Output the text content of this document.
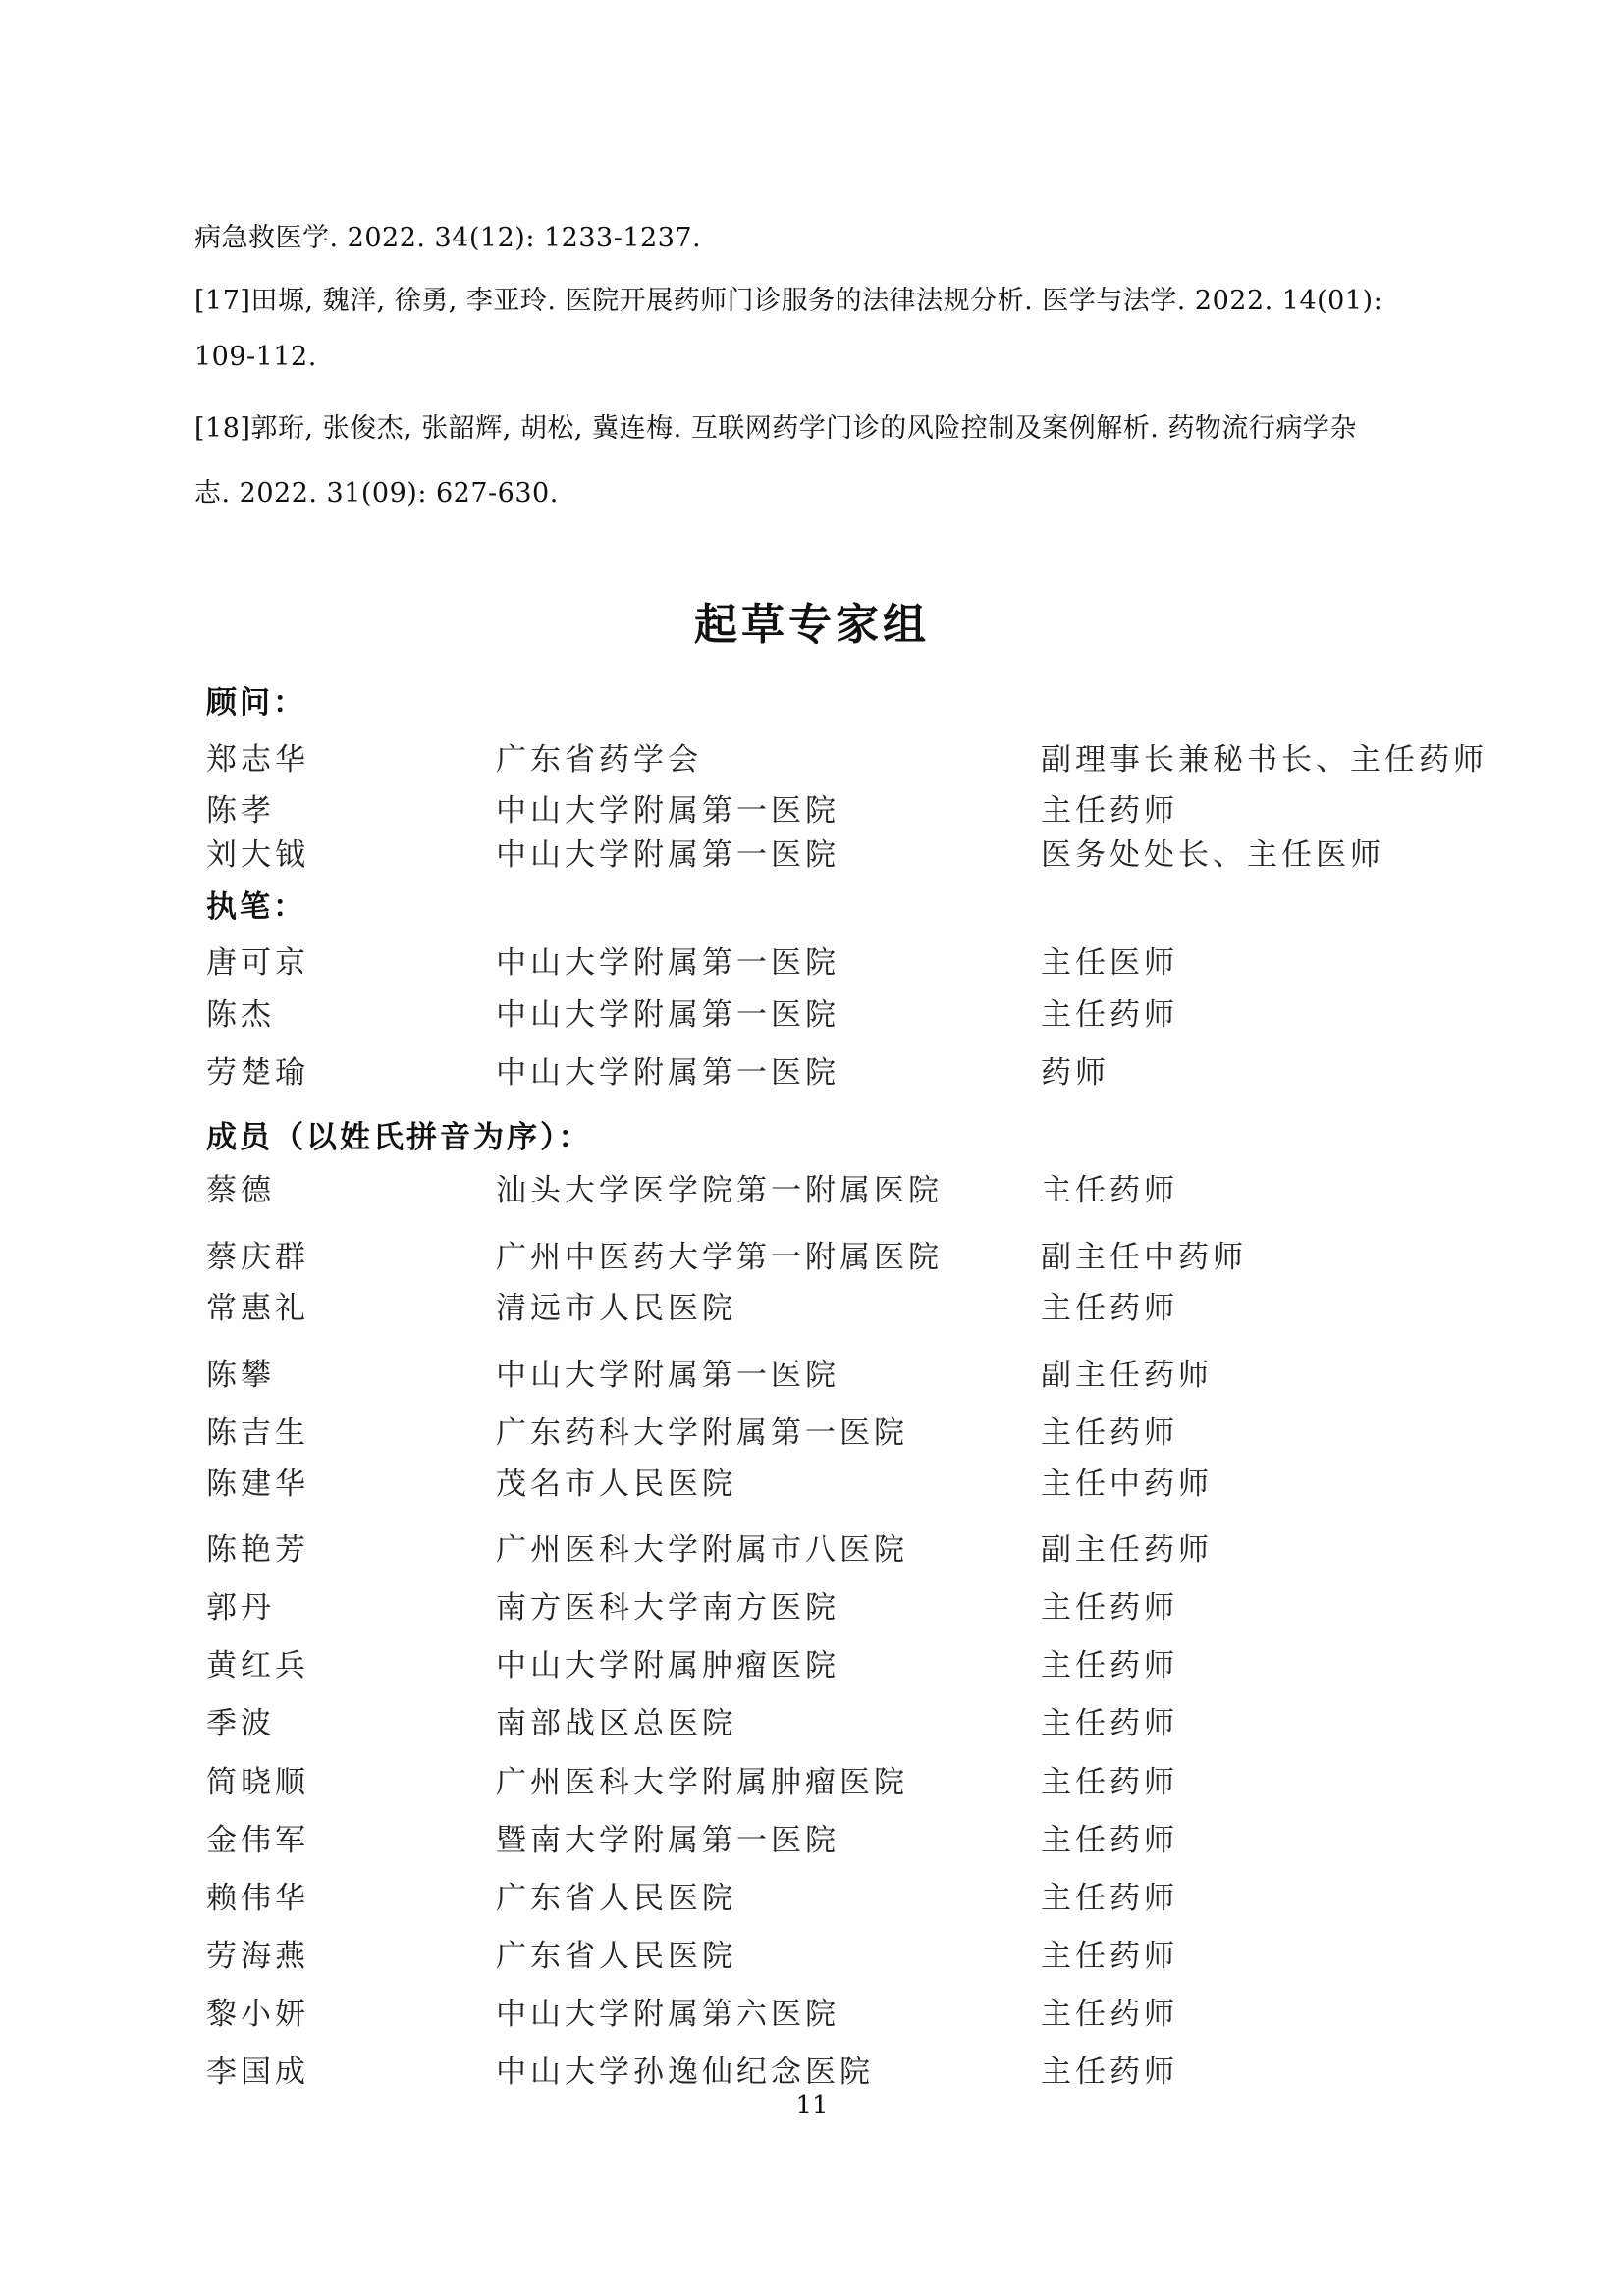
病急救医学. 2022. 34(12): 1233-1237.
[17]田塬, 魏洋, 徐勇, 李亚玲. 医院开展药师门诊服务的法律法规分析. 医学与法学. 2022. 14(01):
109-112.
[18]郭珩, 张俊杰, 张韶辉, 胡松, 冀连梅. 互联网药学门诊的风险控制及案例解析. 药物流行病学杂
志. 2022. 31(09): 627-630.
起草专家组
顾问：
郑志华	广东省药学会	副理事长兼秘书长、主任药师
陈孝	中山大学附属第一医院	主任药师
刘大钺	中山大学附属第一医院	医务处处长、主任医师
执笔：
唐可京	中山大学附属第一医院	主任医师
陈杰	中山大学附属第一医院	主任药师
劳楚瑜	中山大学附属第一医院	药师
成员（以姓氏拼音为序）：
蔡德	汕头大学医学院第一附属医院	主任药师
蔡庆群	广州中医药大学第一附属医院	副主任中药师
常惠礼	清远市人民医院	主任药师
陈攀	中山大学附属第一医院	副主任药师
陈吉生	广东药科大学附属第一医院	主任药师
陈建华	茂名市人民医院	主任中药师
陈艳芳	广州医科大学附属市八医院	副主任药师
郭丹	南方医科大学南方医院	主任药师
黄红兵	中山大学附属肿瘤医院	主任药师
季波	南部战区总医院	主任药师
简晓顺	广州医科大学附属肿瘤医院	主任药师
金伟军	暨南大学附属第一医院	主任药师
赖伟华	广东省人民医院	主任药师
劳海燕	广东省人民医院	主任药师
黎小妍	中山大学附属第六医院	主任药师
李国成	中山大学孙逸仙纪念医院	主任药师
11
